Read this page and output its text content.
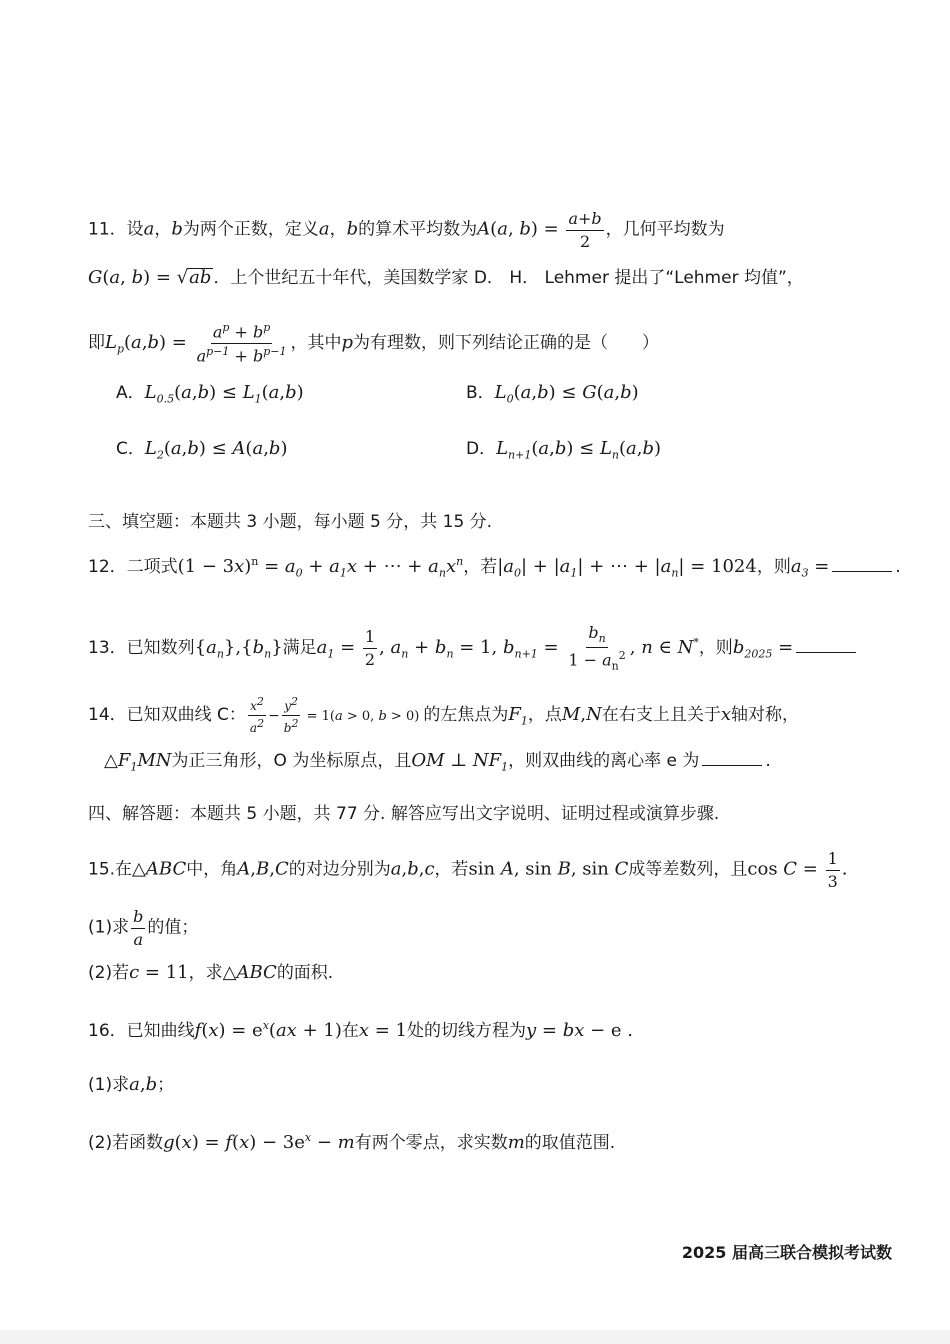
11．设a，b为两个正数，定义a，b的算术平均数为A(a, $b) = \frac{a+b}{2}$ ，几何平均数为
G(a, b) = √ab ．上个世纪五十年代，美国数学家 D． H． Lehmer 提出了“Lehmer 均值”，
即$L_p(a,b) = \frac{a^p + b^p}{a^{p-1} + b^{p-1}}$ ，其中p为有理数，则下列结论正确的是（　　）
A．$L_{0.5}(a,b) \le L_1(a,b)$	B．$L_0(a,b) \le G(a,b)$
C．$L_2(a,b) \le A(a,b)$	D．$L_{n+1}(a,b) \le L_n(a,b)$
三、填空题：本题共 3 小题，每小题 5 分，共 15 分.
12．二项式$(1 - 3x)^n = a_0 + a_1x$ + ⋯ + $a_nx^n$，若$|a_0| + |a_1|$ + ⋯ + $|a_n| = 1024$，则$a_3$ =	.
13．已知数列$\{a_n\},\{b_n\}$满足$a_1 = \frac{1}{2}$ , $a_n + b_n = 1$, $b_{n+1} = \frac{b_n}{1 - a_n^2}$ , n ∈ N*，则$b_{2025}$ =
14．已知双曲线 C： $\frac{x^2}{a^2} - \frac{y^2}{b^2} = 1(a > 0$, b > 0) 的左焦点为$F_1$，点M,N在右支上且关于x轴对称，
$\triangle F_1MN$为正三角形，O 为坐标原点，且OM ⊥ $NF_1$，则双曲线的离心率 e 为	.
四、解答题：本题共 5 小题，共 77 分. 解答应写出文字说明、证明过程或演算步骤.
15.在△ABC中，角A,B,C的对边分别为a,b,c，若sin A, sin B, sin C成等差数列，且$\cos C = \frac{1}{3}$ .
(1)求 $\frac{b}{a}$ 的值；
(2)若c = 11，求△ABC的面积.
16．已知曲线$f(x) = e^x(ax + 1)$在x = 1处的切线方程为y = bx − e .
(1)求a,b；
(2)若函数$g(x) = f(x) - 3e^x - m$有两个零点，求实数m的取值范围.
2025 届高三联合模拟考试数
